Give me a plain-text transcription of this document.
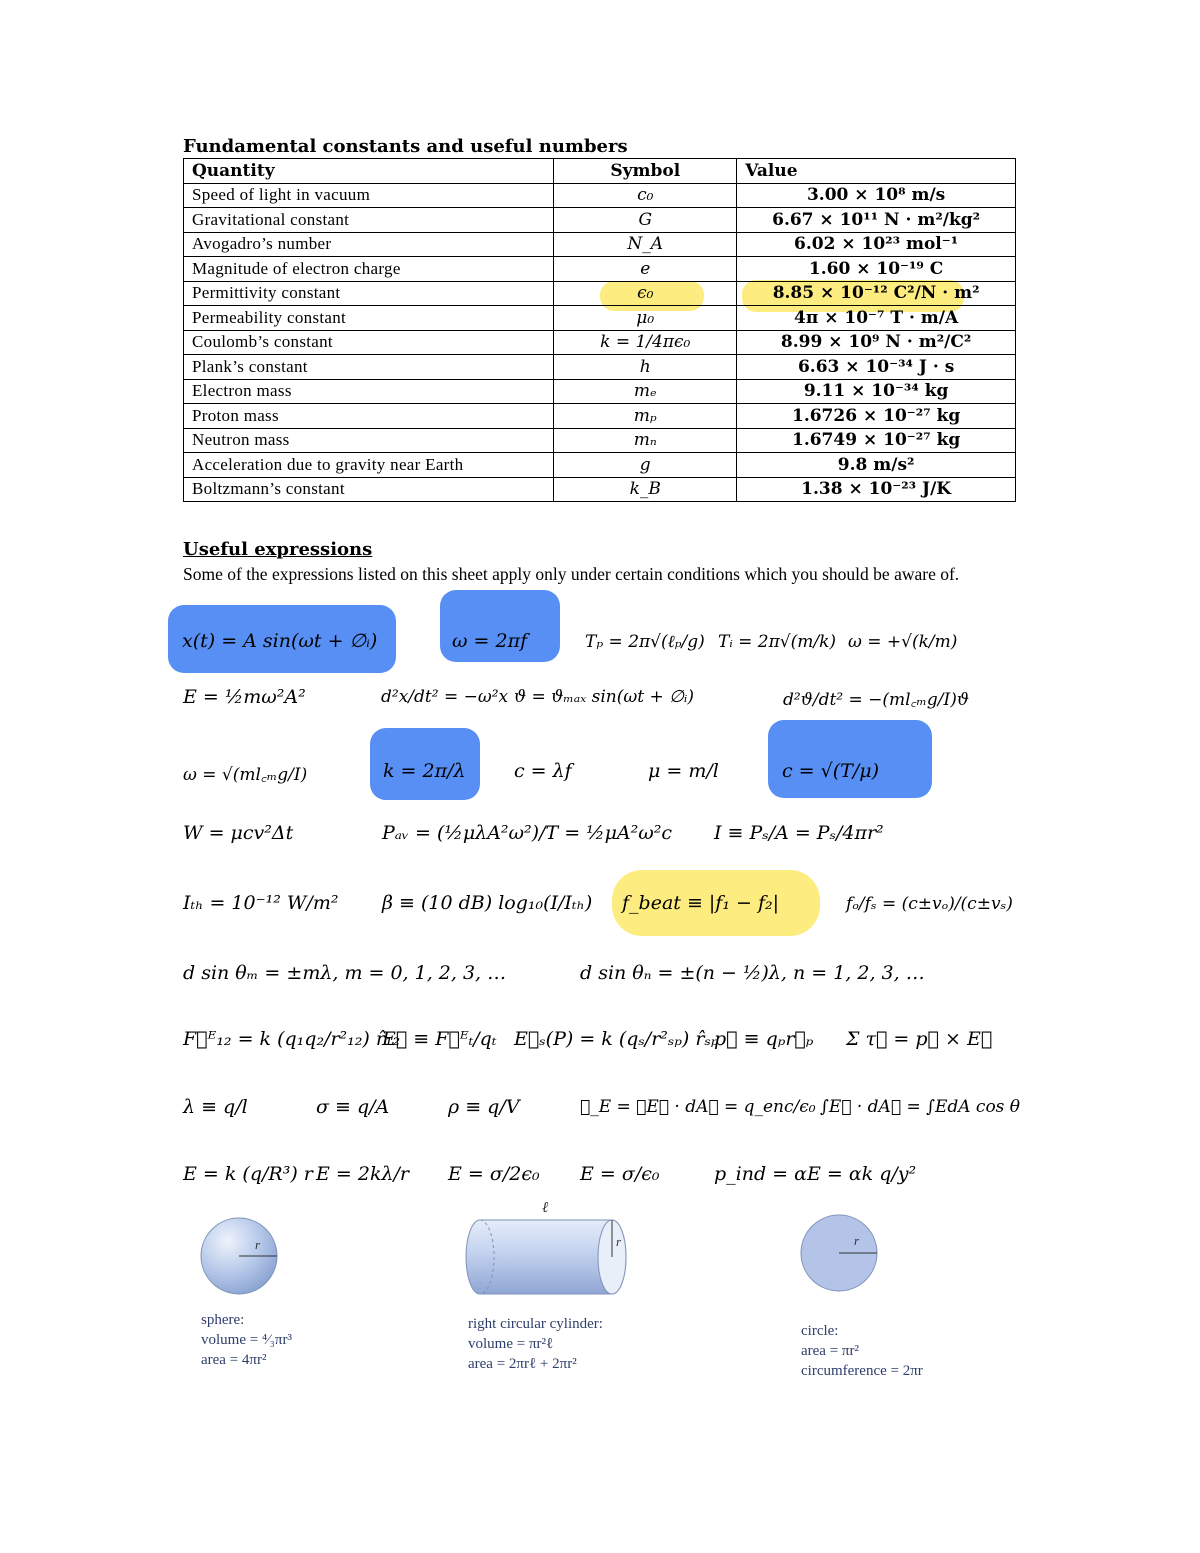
Fundamental constants and useful numbers
Quantity	Symbol	Value
Speed of light in vacuum	c₀	3.00 × 10⁸ m/s
Gravitational constant	G	6.67 × 10¹¹ N · m²/kg²
Avogadro’s number	N_A	6.02 × 10²³ mol⁻¹
Magnitude of electron charge	e	1.60 × 10⁻¹⁹ C
Permittivity constant	ϵ₀	8.85 × 10⁻¹² C²/N · m²
Permeability constant	μ₀	4π × 10⁻⁷ T · m/A
Coulomb’s constant	k = 1/4πϵ₀	8.99 × 10⁹ N · m²/C²
Plank’s constant	h	6.63 × 10⁻³⁴ J · s
Electron mass	mₑ	9.11 × 10⁻³⁴ kg
Proton mass	mₚ	1.6726 × 10⁻²⁷ kg
Neutron mass	mₙ	1.6749 × 10⁻²⁷ kg
Acceleration due to gravity near Earth	g	9.8 m/s²
Boltzmann’s constant	k_B	1.38 × 10⁻²³ J/K
Useful expressions
Some of the expressions listed on this sheet apply only under certain conditions which you should be aware of.
x(t) = A sin(ωt + ∅ᵢ)	ω = 2πf	Tₚ = 2π√(ℓₚ/g) Tᵢ = 2π√(m/k) ω = +√(k/m)
E = ½mω²A²	d²x/dt² = −ω²x ϑ = ϑₘₐₓ sin(ωt + ∅ᵢ)	d²ϑ/dt² = −(ml꜀ₘg/I)ϑ
ω = √(ml꜀ₘg/I)	k = 2π/λ	c = λf	μ = m/l	c = √(T/μ)
W = μcv²Δt	Pₐᵥ = (½μλA²ω²)/T = ½μA²ω²c I ≡ Pₛ/A = Pₛ/4πr²
Iₜₕ = 10⁻¹² W/m² β ≡ (10 dB) log₁₀(I/Iₜₕ) f_beat ≡ |f₁ − f₂|	fₒ/fₛ = (c±vₒ)/(c±vₛ)
d sin θₘ = ±mλ, m = 0, 1, 2, 3, …	d sin θₙ = ±(n − ½)λ, n = 1, 2, 3, …
F⃗ᴱ₁₂ = k (q₁q₂/r²₁₂) r̂₁₂
E⃗ ≡ F⃗ᴱₜ/qₜ E⃗ₛ(P) = k (qₛ/r²ₛₚ) r̂ₛₚ
p⃗ ≡ qₚr⃗ₚ Σ τ⃗ = p⃗ × E⃗
λ ≡ q/l	σ ≡ q/A	ρ ≡ q/V	∅_E = ∮E⃗ · dA⃗ = q_enc/ϵ₀ ∫E⃗ · dA⃗ = ∫EdA cos θ
E = k (q/R³) r E = 2kλ/r E = σ/2ϵ₀ E = σ/ϵ₀	p_ind = αE = αk q/y²
r
sphere:
volume = ⁴⁄₃πr³
area = 4πr²
ℓ
r
right circular cylinder:
volume = πr²ℓ
area = 2πrℓ + 2πr²
r
circle:
area = πr²
circumference = 2πr
